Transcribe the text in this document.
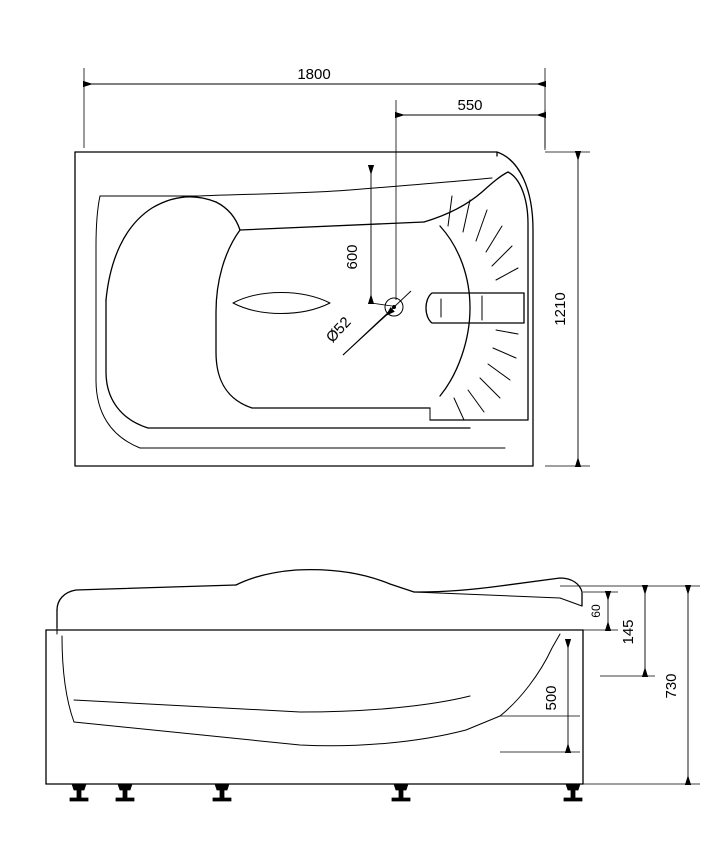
1800
550
600
1210
Ø52
60
145
500	730
